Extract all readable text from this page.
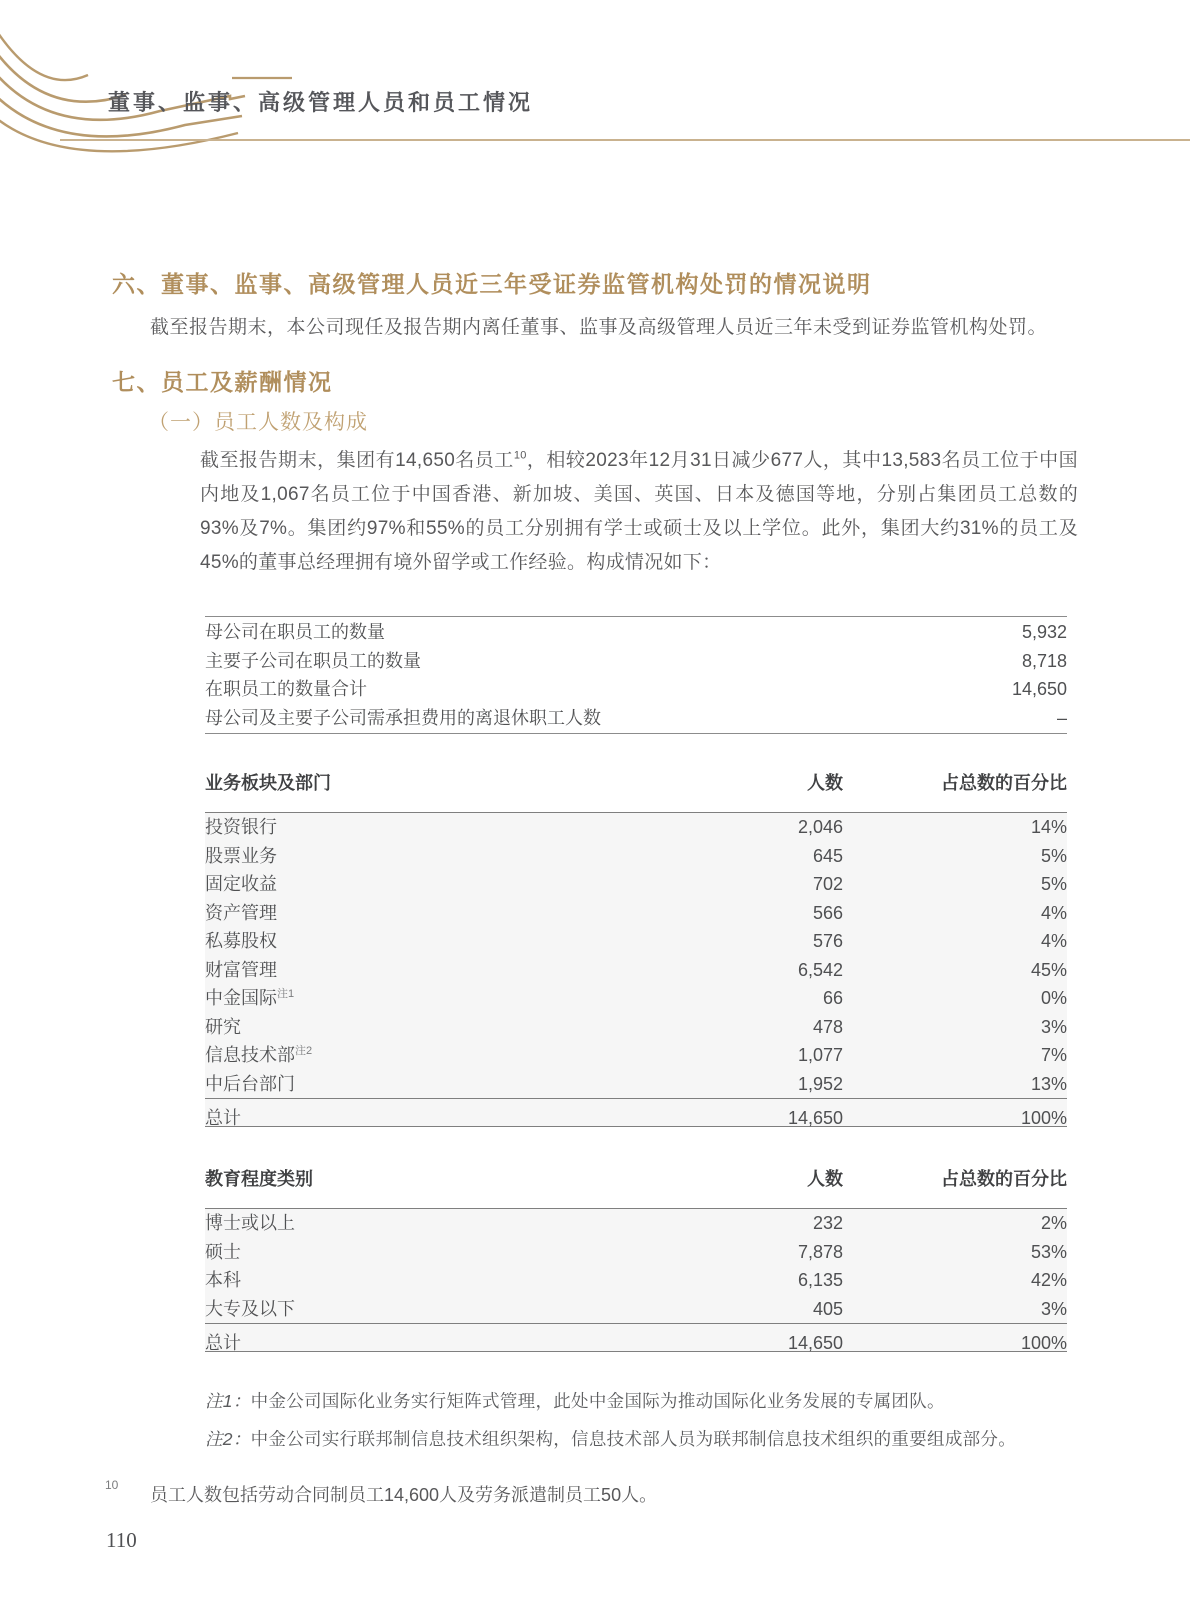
董事、监事、高级管理人员和员工情况
六、董事、监事、高级管理人员近三年受证券监管机构处罚的情况说明
截至报告期末，本公司现任及报告期内离任董事、监事及高级管理人员近三年未受到证券监管机构处罚。
七、员工及薪酬情况
（一）员工人数及构成

截至报告期末，集团有14,650名员工$^{10}$，相较2023年12月31日减少677人，其中13,583名员工位于中国内地及1,067名员工位于中国香港、新加坡、美国、英国、日本及德国等地，分别占集团员工总数的93%及7%。集团约97%和55%的员工分别拥有学士或硕士及以上学位。此外，集团大约31%的员工及45%的董事总经理拥有境外留学或工作经验。构成情况如下：

母公司在职员工的数量	5,932
主要子公司在职员工的数量	8,718
在职员工的数量合计	14,650
母公司及主要子公司需承担费用的离退休职工人数	–
业务板块及部门	人数	占总数的百分比
投资银行	2,046	14%
股票业务	645	5%
固定收益	702	5%
资产管理	566	4%
私募股权	576	4%
财富管理	6,542	45%
中金国际$^{注1}$	66	0%
研究	478	3%
信息技术部$^{注2}$	1,077	7%
中后台部门	1,952	13%
总计	14,650	100%
教育程度类别	人数	占总数的百分比
博士或以上	232	2%
硕士	7,878	53%
本科	6,135	42%
大专及以下	405	3%
总计	14,650	100%
注1：中金公司国际化业务实行矩阵式管理，此处中金国际为推动国际化业务发展的专属团队。
注2：中金公司实行联邦制信息技术组织架构，信息技术部人员为联邦制信息技术组织的重要组成部分。
10 员工人数包括劳动合同制员工14,600人及劳务派遣制员工50人。
110
